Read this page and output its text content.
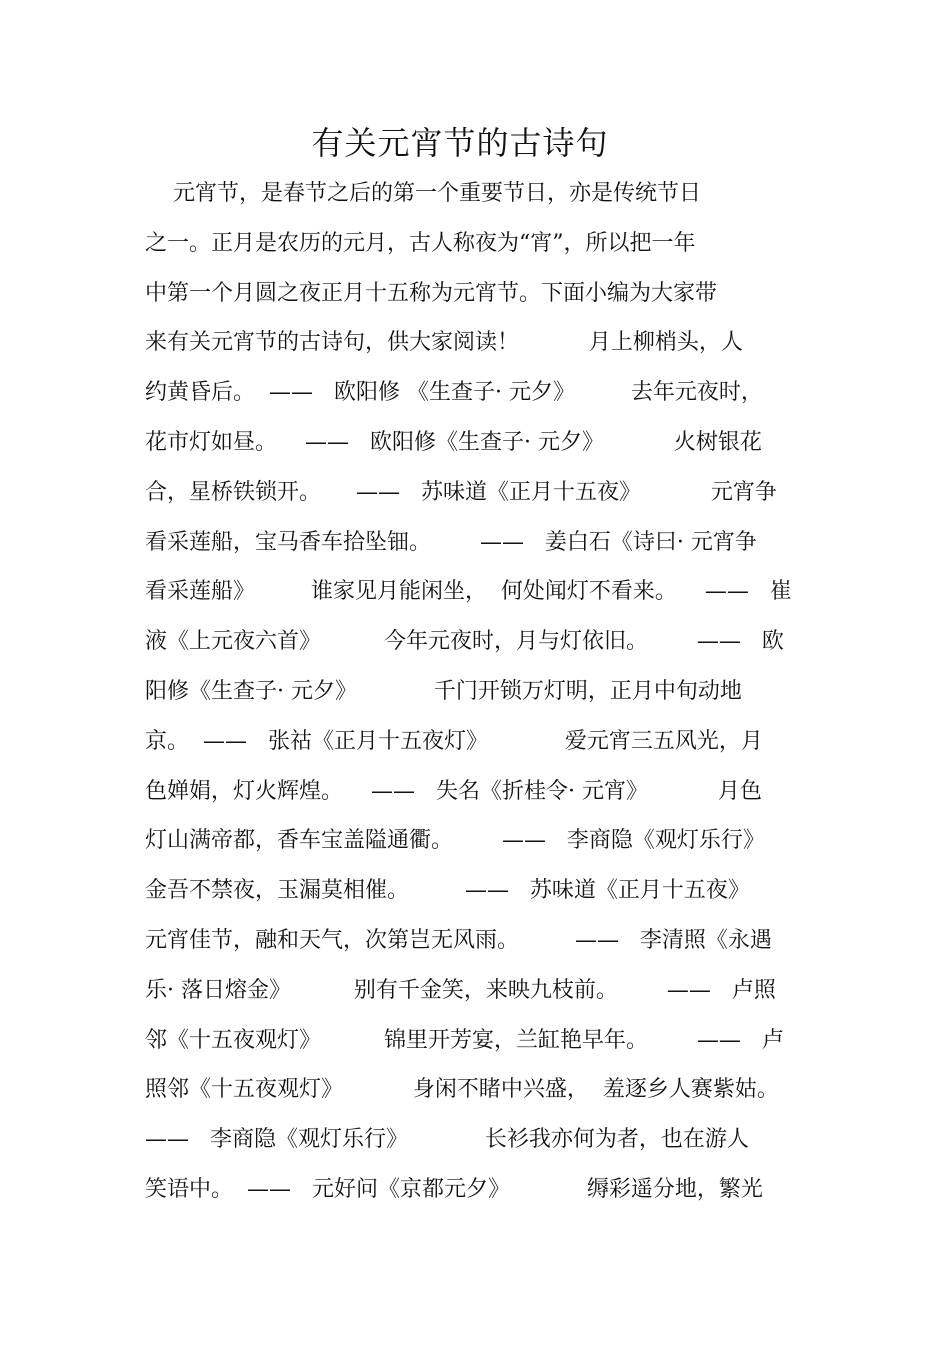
有关元宵节的古诗句
元宵节，是春节之后的第一个重要节日，亦是传统节日
之一。正月是农历的元月，古人称夜为“宵”，所以把一年
中第一个月圆之夜正月十五称为元宵节。下面小编为大家带
来有关元宵节的古诗句，供大家阅读！          月上柳梢头，人
约黄昏后。  ——   欧阳修 《生查子· 元夕》        去年元夜时，
花市灯如昼。    ——   欧阳修《生查子· 元夕》          火树银花
合，星桥铁锁开。     ——   苏味道《正月十五夜》          元宵争
看采莲船，宝马香车拾坠钿。       ——   姜白石《诗曰· 元宵争
看采莲船》        谁家见月能闲坐，  何处闻灯不看来。    ——   崔
液《上元夜六首》         今年元夜时，月与灯依旧。       ——   欧
阳修《生查子· 元夕》           千门开锁万灯明，正月中旬动地
京。  ——   张祜《正月十五夜灯》           爱元宵三五风光，月
色婵娟，灯火辉煌。    ——   失名《折桂令· 元宵》          月色
灯山满帝都，香车宝盖隘通衢。       ——   李商隐《观灯乐行》
金吾不禁夜，玉漏莫相催。        ——   苏味道《正月十五夜》
元宵佳节，融和天气，次第岂无风雨。        ——   李清照《永遇
乐· 落日熔金》         别有千金笑，来映九枝前。       ——   卢照
邻《十五夜观灯》         锦里开芳宴，兰缸艳早年。       ——   卢
照邻《十五夜观灯》          身闲不睹中兴盛，  羞逐乡人赛紫姑。
——   李商隐《观灯乐行》           长衫我亦何为者，也在游人
笑语中。  ——   元好问《京都元夕》           缛彩遥分地，繁光
